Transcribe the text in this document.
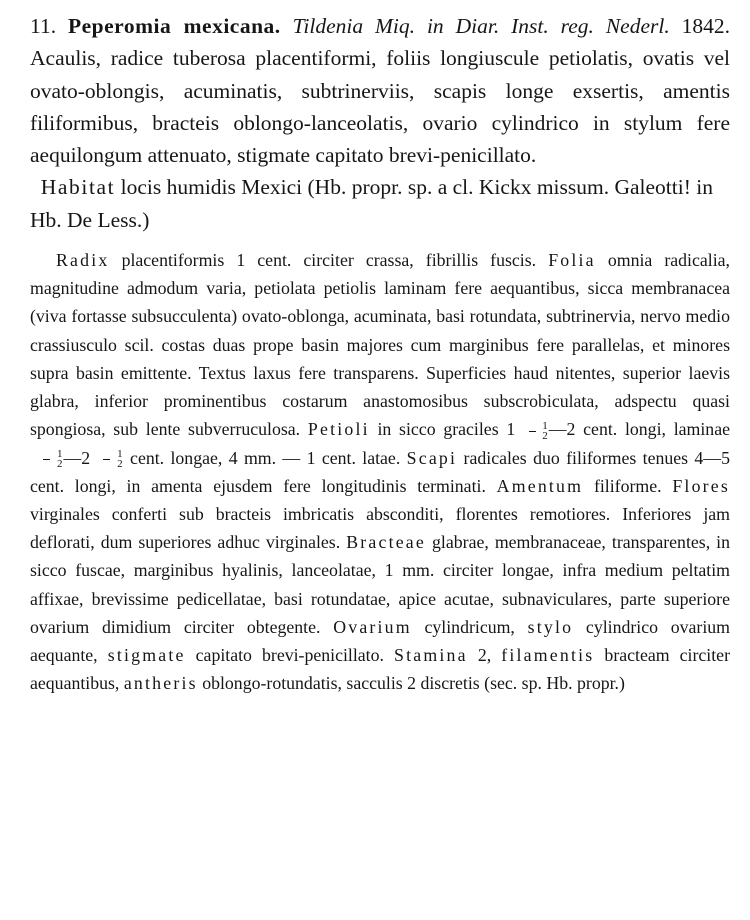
11. Peperomia mexicana. Tildenia Miq. in Diar. Inst. reg. Nederl. 1842. Acaulis, radice tuberosa placentiformi, foliis longiuscule petiolatis, ovatis vel ovato-oblongis, acuminatis, subtrinerviis, scapis longe exsertis, amentis filiformibus, bracteis oblongo-lanceolatis, ovario cylindrico in stylum fere aequilongum attenuato, stigmate capitato brevi-penicillato.

Habitat locis humidis Mexici (Hb. propr. sp. a cl. Kickx missum. Galeotti! in Hb. De Less.)

Radix placentiformis 1 cent. circiter crassa, fibrillis fuscis. Folia omnia radicalia, magnitudine admodum varia, petiolata petiolis laminam fere aequantibus, sicca membranacea (viva fortasse subsucculenta) ovato-oblonga, acuminata, basi rotundata, subtrinervia, nervo medio crassiusculo scil. costas duas prope basin majores cum marginibus fere parallelas, et minores supra basin emittente. Textus laxus fere transparens. Superficies haud nitentes, superior laevis glabra, inferior prominentibus costarum anastomosibus subscrobiculata, adspectu quasi spongiosa, sub lente subverruculosa. Petioli in sicco graciles $1 \frac{1}{2}$ —2 cent. longi, laminae
$\frac{1}{2}$ —2 $\frac{1}{2}$ cent. longae, 4 mm. — 1 cent. latae. Scapi radicales duo filiformes tenues 4—5 cent. longi, in amenta ejusdem fere longitudinis terminati. Amentum filiforme. Flores virginales conferti sub bracteis imbricatis absconditi, florentes remotiores. Inferiores jam deflorati, dum superiores adhuc virginales. Bracteae glabrae, membranaceae, transparentes, in sicco fuscae, marginibus hyalinis, lanceolatae, 1 mm. circiter longae, infra medium peltatim affixae, brevissime pedicellatae, basi rotundatae, apice acutae, subnaviculares, parte superiore ovarium dimidium circiter obtegente. Ovarium cylindricum, stylo cylindrico ovarium aequante, stigmate capitato brevi-penicillato. Stamina 2, filamentis bracteam circiter aequantibus, antheris oblongo-rotundatis, sacculis 2 discretis (sec. sp. Hb. propr.)
